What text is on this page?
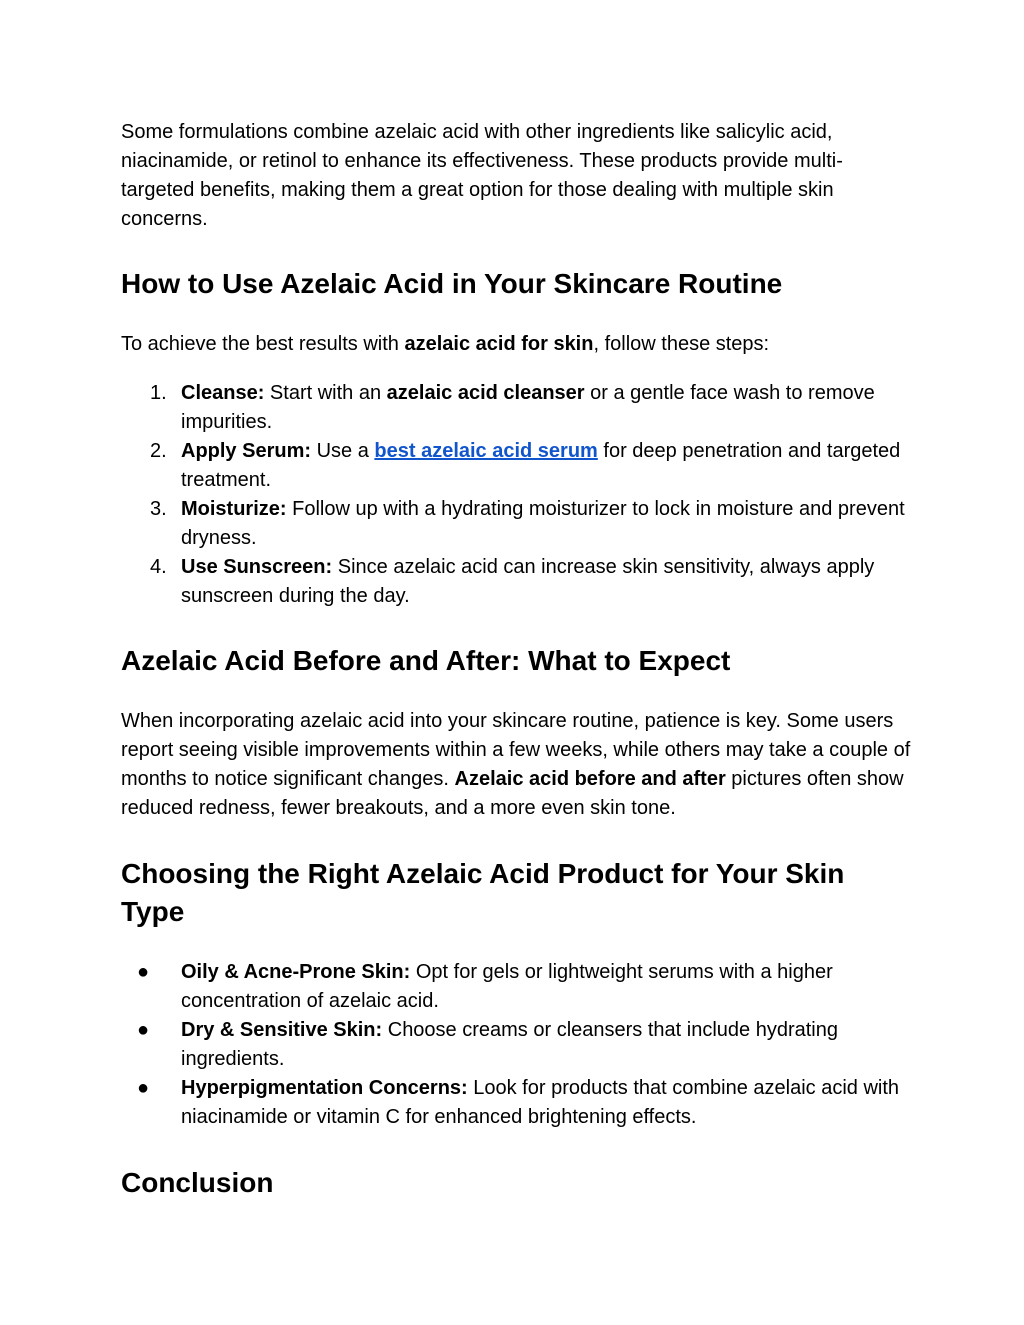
Some formulations combine azelaic acid with other ingredients like salicylic acid, niacinamide, or retinol to enhance its effectiveness. These products provide multi-targeted benefits, making them a great option for those dealing with multiple skin concerns.

How to Use Azelaic Acid in Your Skincare Routine

To achieve the best results with azelaic acid for skin, follow these steps:

1. Cleanse: Start with an azelaic acid cleanser or a gentle face wash to remove impurities.
2. Apply Serum: Use a best azelaic acid serum for deep penetration and targeted treatment.
3. Moisturize: Follow up with a hydrating moisturizer to lock in moisture and prevent dryness.
4. Use Sunscreen: Since azelaic acid can increase skin sensitivity, always apply sunscreen during the day.
Azelaic Acid Before and After: What to Expect

When incorporating azelaic acid into your skincare routine, patience is key. Some users report seeing visible improvements within a few weeks, while others may take a couple of months to notice significant changes. Azelaic acid before and after pictures often show reduced redness, fewer breakouts, and a more even skin tone.

Choosing the Right Azelaic Acid Product for Your Skin Type
● Oily & Acne-Prone Skin: Opt for gels or lightweight serums with a higher concentration of azelaic acid.
● Dry & Sensitive Skin: Choose creams or cleansers that include hydrating ingredients.
● Hyperpigmentation Concerns: Look for products that combine azelaic acid with niacinamide or vitamin C for enhanced brightening effects.
Conclusion
